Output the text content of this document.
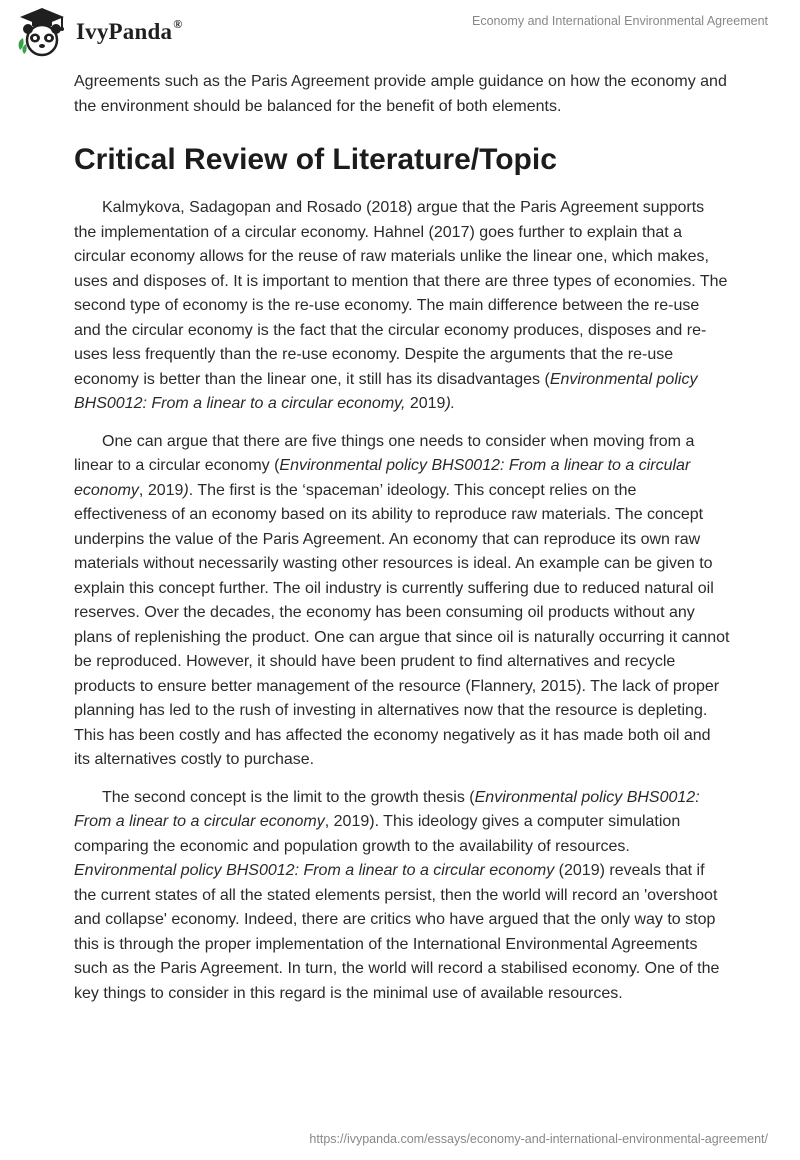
IvyPanda®	Economy and International Environmental Agreement

Agreements such as the Paris Agreement provide ample guidance on how the economy and the environment should be balanced for the benefit of both elements.

Critical Review of Literature/Topic

Kalmykova, Sadagopan and Rosado (2018) argue that the Paris Agreement supports the implementation of a circular economy. Hahnel (2017) goes further to explain that a circular economy allows for the reuse of raw materials unlike the linear one, which makes, uses and disposes of. It is important to mention that there are three types of economies. The second type of economy is the re-use economy. The main difference between the re-use and the circular economy is the fact that the circular economy produces, disposes and re-uses less frequently than the re-use economy. Despite the arguments that the re-use economy is better than the linear one, it still has its disadvantages (Environmental policy BHS0012: From a linear to a circular economy, 2019).

One can argue that there are five things one needs to consider when moving from a linear to a circular economy (Environmental policy BHS0012: From a linear to a circular economy, 2019). The first is the ‘spaceman’ ideology. This concept relies on the effectiveness of an economy based on its ability to reproduce raw materials. The concept underpins the value of the Paris Agreement. An economy that can reproduce its own raw materials without necessarily wasting other resources is ideal. An example can be given to explain this concept further. The oil industry is currently suffering due to reduced natural oil reserves. Over the decades, the economy has been consuming oil products without any plans of replenishing the product. One can argue that since oil is naturally occurring it cannot be reproduced. However, it should have been prudent to find alternatives and recycle products to ensure better management of the resource (Flannery, 2015). The lack of proper planning has led to the rush of investing in alternatives now that the resource is depleting. This has been costly and has affected the economy negatively as it has made both oil and its alternatives costly to purchase.

The second concept is the limit to the growth thesis (Environmental policy BHS0012: From a linear to a circular economy, 2019). This ideology gives a computer simulation comparing the economic and population growth to the availability of resources. Environmental policy BHS0012: From a linear to a circular economy (2019) reveals that if the current states of all the stated elements persist, then the world will record an 'overshoot and collapse' economy. Indeed, there are critics who have argued that the only way to stop this is through the proper implementation of the International Environmental Agreements such as the Paris Agreement. In turn, the world will record a stabilised economy. One of the key things to consider in this regard is the minimal use of available resources.

https://ivypanda.com/essays/economy-and-international-environmental-agreement/
